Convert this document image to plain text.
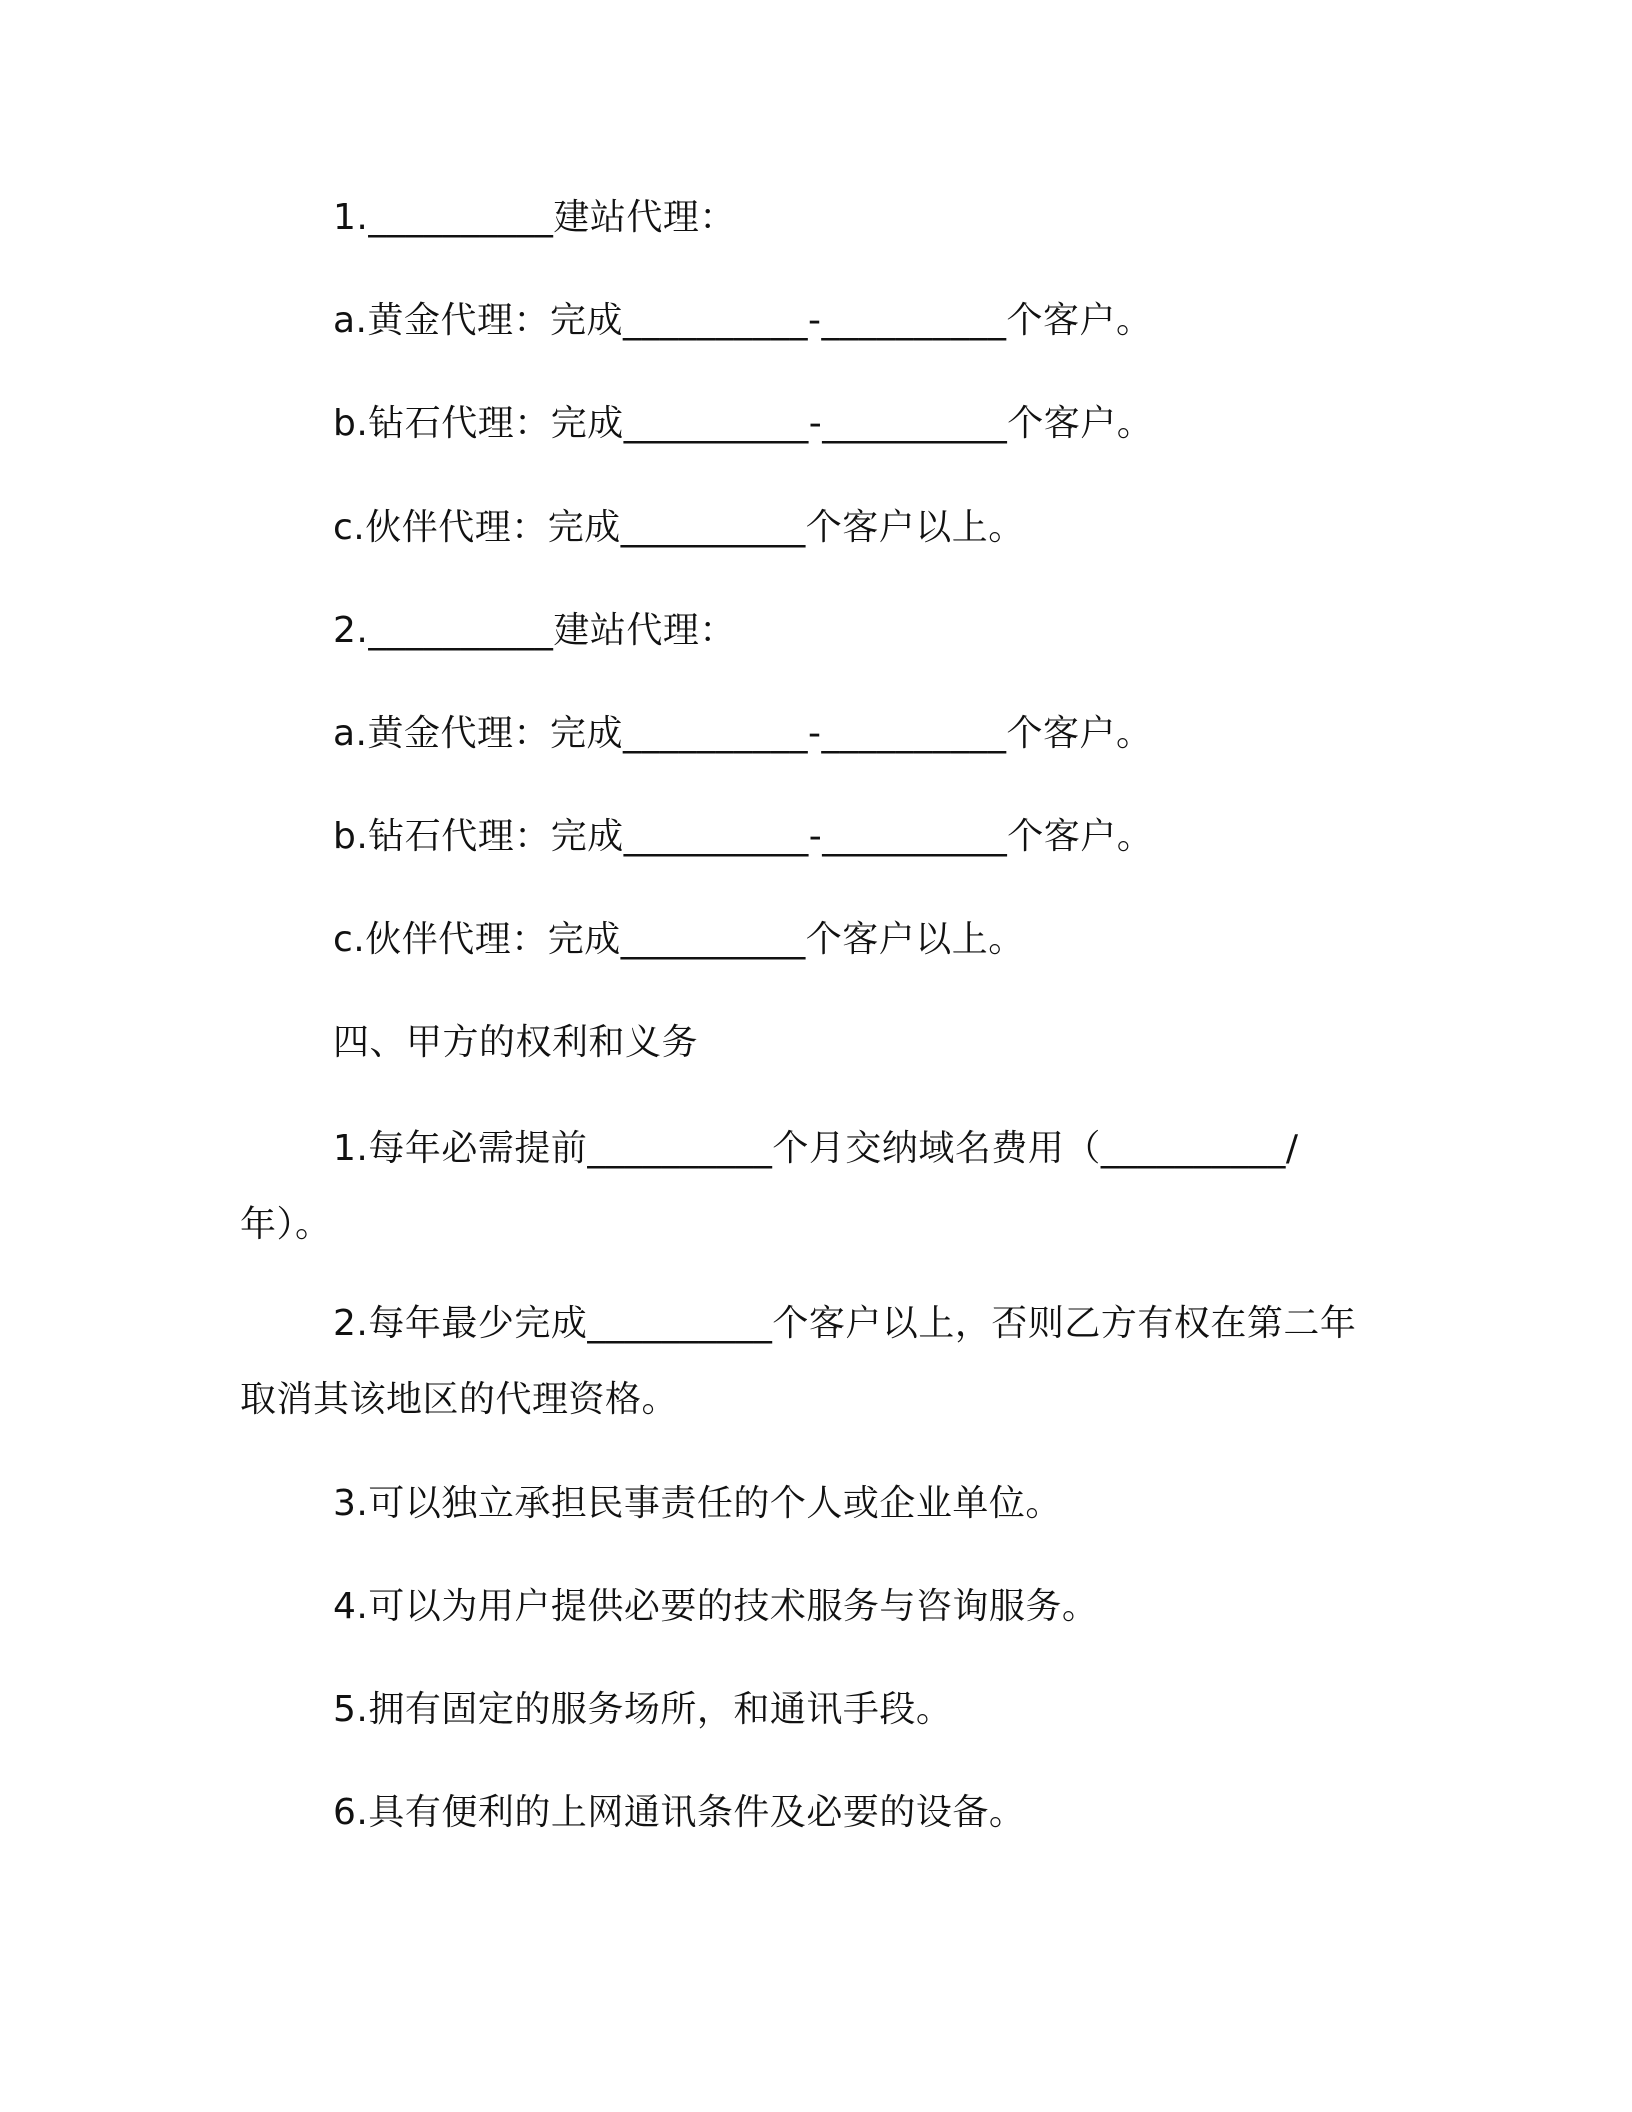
1.__________建站代理：
a.黄金代理：完成__________-__________个客户。
b.钻石代理：完成__________-__________个客户。
c.伙伴代理：完成__________个客户以上。
2.__________建站代理：
a.黄金代理：完成__________-__________个客户。
b.钻石代理：完成__________-__________个客户。
c.伙伴代理：完成__________个客户以上。
四、甲方的权利和义务
1.每年必需提前__________个月交纳域名费用（__________/
年）。
2.每年最少完成__________个客户以上，否则乙方有权在第二年
取消其该地区的代理资格。
3.可以独立承担民事责任的个人或企业单位。
4.可以为用户提供必要的技术服务与咨询服务。
5.拥有固定的服务场所，和通讯手段。
6.具有便利的上网通讯条件及必要的设备。
